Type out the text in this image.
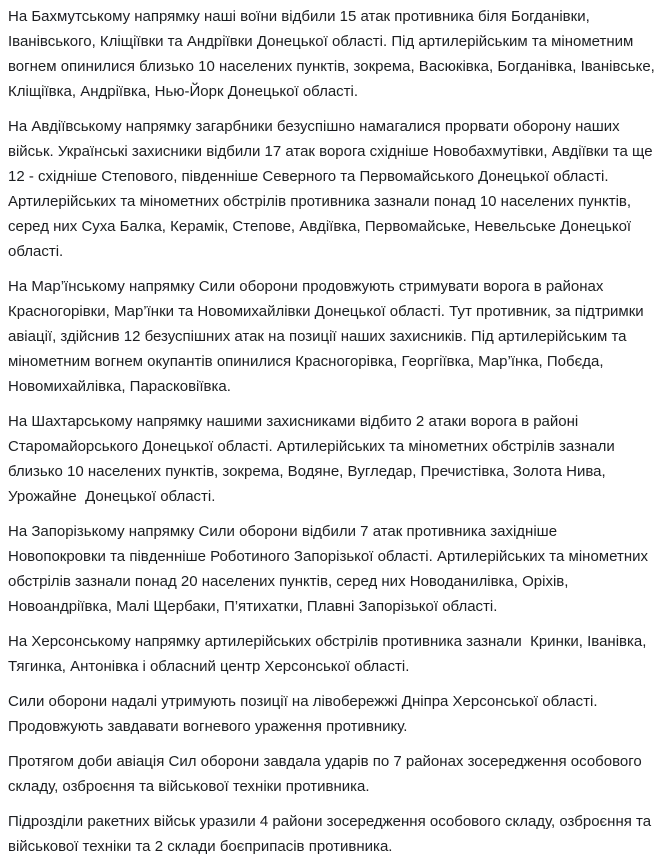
На Бахмутському напрямку наші воїни відбили 15 атак противника біля Богданівки, Іванівського, Кліщіївки та Андріївки Донецької області. Під артилерійським та мінометним вогнем опинилися близько 10 населених пунктів, зокрема, Васюківка, Богданівка, Іванівське, Кліщіївка, Андріївка, Нью-Йорк Донецької області.

На Авдіївському напрямку загарбники безуспішно намагалися прорвати оборону наших військ. Українські захисники відбили 17 атак ворога східніше Новобахмутівки, Авдіївки та ще 12 - східніше Степового, південніше Северного та Первомайського Донецької області. Артилерійських та мінометних обстрілів противника зазнали понад 10 населених пунктів, серед них Суха Балка, Керамік, Степове, Авдіївка, Первомайське, Невельське Донецької області.

На Мар’їнському напрямку Сили оборони продовжують стримувати ворога в районах Красногорівки, Мар’їнки та Новомихайлівки Донецької області. Тут противник, за підтримки авіації, здійснив 12 безуспішних атак на позиції наших захисників. Під артилерійським та мінометним вогнем окупантів опинилися Красногорівка, Георгіївка, Мар’їнка, Побєда, Новомихайлівка, Парасковіївка.

На Шахтарському напрямку нашими захисниками відбито 2 атаки ворога в районі Старомайорського Донецької області. Артилерійських та мінометних обстрілів зазнали близько 10 населених пунктів, зокрема, Водяне, Вугледар, Пречистівка, Золота Нива, Урожайне  Донецької області.

На Запорізькому напрямку Сили оборони відбили 7 атак противника західніше Новопокровки та південніше Роботиного Запорізької області. Артилерійських та мінометних обстрілів зазнали понад 20 населених пунктів, серед них Новоданилівка, Оріхів, Новоандріївка, Малі Щербаки, П’ятихатки, Плавні Запорізької області.

На Херсонському напрямку артилерійських обстрілів противника зазнали  Кринки, Іванівка, Тягинка, Антонівка і обласний центр Херсонської області.

Сили оборони надалі утримують позиції на лівобережжі Дніпра Херсонської області. Продовжують завдавати вогневого ураження противнику.

Протягом доби авіація Сил оборони завдала ударів по 7 районах зосередження особового складу, озброєння та військової техніки противника.

Підрозділи ракетних військ уразили 4 райони зосередження особового складу, озброєння та військової техніки та 2 склади боєприпасів противника.
